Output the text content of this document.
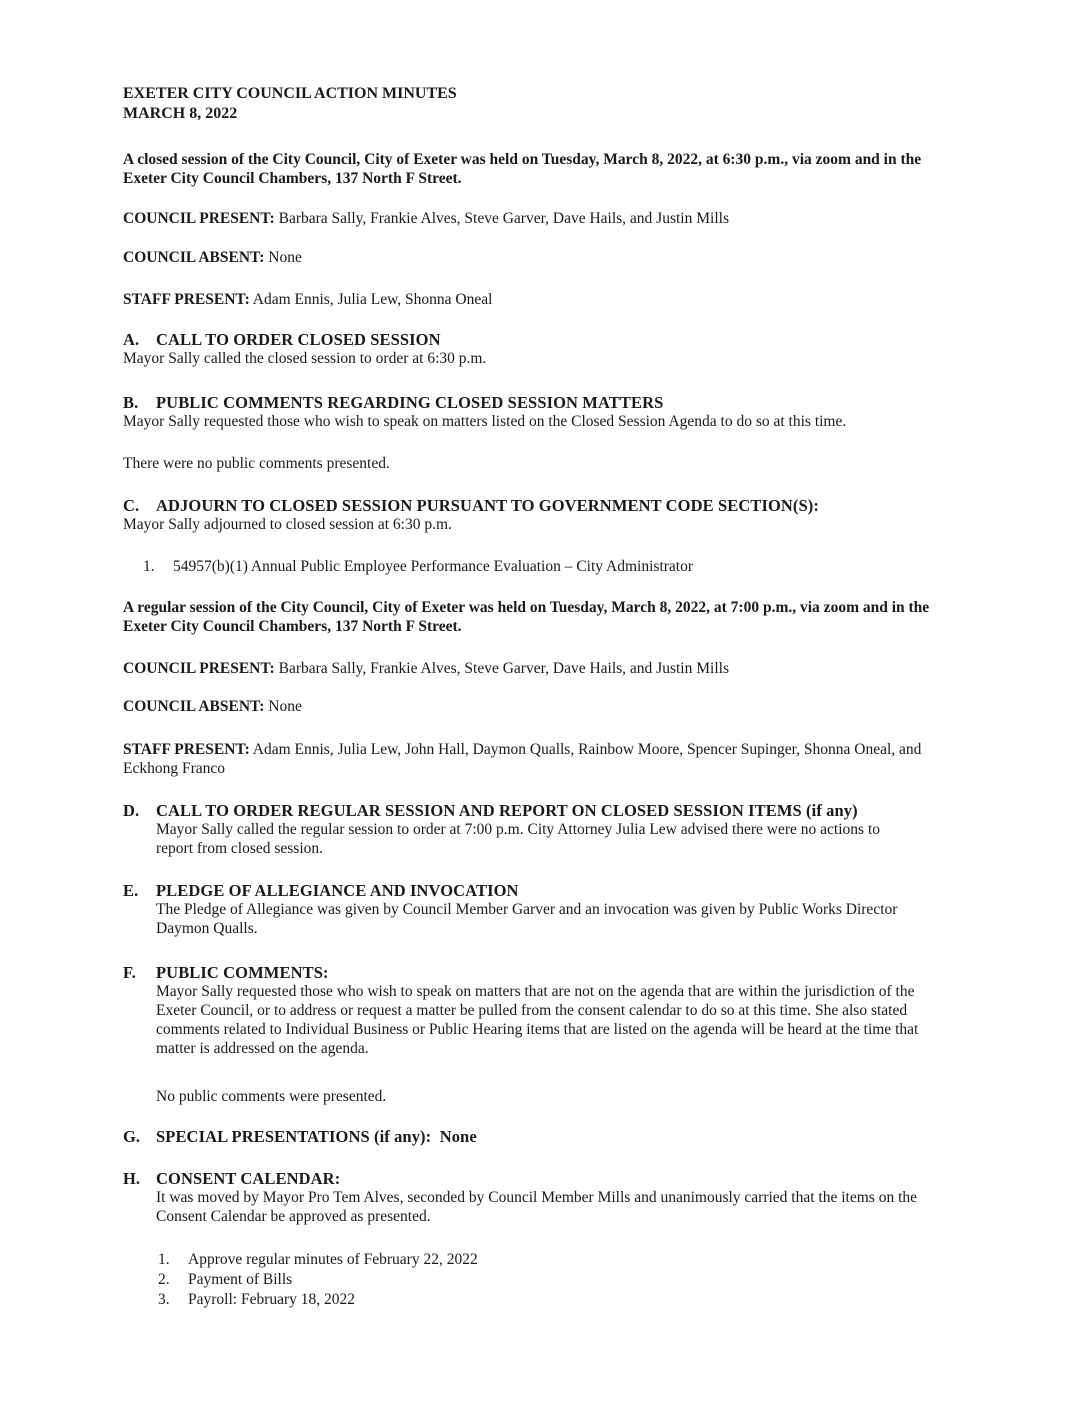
EXETER CITY COUNCIL ACTION MINUTES
MARCH 8, 2022

A closed session of the City Council, City of Exeter was held on Tuesday, March 8, 2022, at 6:30 p.m., via zoom and in the Exeter City Council Chambers, 137 North F Street.

COUNCIL PRESENT: Barbara Sally, Frankie Alves, Steve Garver, Dave Hails, and Justin Mills

COUNCIL ABSENT: None

STAFF PRESENT: Adam Ennis, Julia Lew, Shonna Oneal

A. CALL TO ORDER CLOSED SESSION

Mayor Sally called the closed session to order at 6:30 p.m.

B. PUBLIC COMMENTS REGARDING CLOSED SESSION MATTERS

Mayor Sally requested those who wish to speak on matters listed on the Closed Session Agenda to do so at this time.

There were no public comments presented.

C. ADJOURN TO CLOSED SESSION PURSUANT TO GOVERNMENT CODE SECTION(S):

Mayor Sally adjourned to closed session at 6:30 p.m.

1. 54957(b)(1) Annual Public Employee Performance Evaluation – City Administrator

A regular session of the City Council, City of Exeter was held on Tuesday, March 8, 2022, at 7:00 p.m., via zoom and in the Exeter City Council Chambers, 137 North F Street.

COUNCIL PRESENT: Barbara Sally, Frankie Alves, Steve Garver, Dave Hails, and Justin Mills

COUNCIL ABSENT: None

STAFF PRESENT: Adam Ennis, Julia Lew, John Hall, Daymon Qualls, Rainbow Moore, Spencer Supinger, Shonna Oneal, and Eckhong Franco

D. CALL TO ORDER REGULAR SESSION AND REPORT ON CLOSED SESSION ITEMS (if any)

Mayor Sally called the regular session to order at 7:00 p.m. City Attorney Julia Lew advised there were no actions to report from closed session.

E. PLEDGE OF ALLEGIANCE AND INVOCATION

The Pledge of Allegiance was given by Council Member Garver and an invocation was given by Public Works Director Daymon Qualls.

F. PUBLIC COMMENTS:

Mayor Sally requested those who wish to speak on matters that are not on the agenda that are within the jurisdiction of the Exeter Council, or to address or request a matter be pulled from the consent calendar to do so at this time. She also stated comments related to Individual Business or Public Hearing items that are listed on the agenda will be heard at the time that matter is addressed on the agenda.

No public comments were presented.

G. SPECIAL PRESENTATIONS (if any):  None
H. CONSENT CALENDAR:

It was moved by Mayor Pro Tem Alves, seconded by Council Member Mills and unanimously carried that the items on the Consent Calendar be approved as presented.

1. Approve regular minutes of February 22, 2022
2. Payment of Bills
3. Payroll: February 18, 2022
